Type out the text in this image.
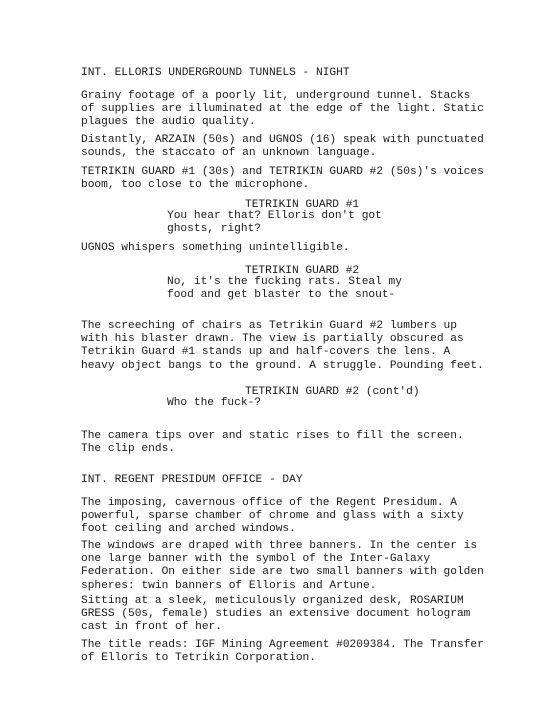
INT. ELLORIS UNDERGROUND TUNNELS - NIGHT

Grainy footage of a poorly lit, underground tunnel. Stacks
of supplies are illuminated at the edge of the light. Static
plagues the audio quality.

Distantly, ARZAIN (50s) and UGNOS (16) speak with punctuated
sounds, the staccato of an unknown language.

TETRIKIN GUARD #1 (30s) and TETRIKIN GUARD #2 (50s)'s voices
boom, too close to the microphone.

TETRIKIN GUARD #1

You hear that? Elloris don't got
ghosts, right?

UGNOS whispers something unintelligible.

TETRIKIN GUARD #2

No, it's the fucking rats. Steal my
food and get blaster to the snout-

The screeching of chairs as Tetrikin Guard #2 lumbers up
with his blaster drawn. The view is partially obscured as
Tetrikin Guard #1 stands up and half-covers the lens. A
heavy object bangs to the ground. A struggle. Pounding feet.

TETRIKIN GUARD #2 (cont'd)

Who the fuck-?

The camera tips over and static rises to fill the screen.
The clip ends.

INT. REGENT PRESIDUM OFFICE - DAY

The imposing, cavernous office of the Regent Presidum. A
powerful, sparse chamber of chrome and glass with a sixty
foot ceiling and arched windows.

The windows are draped with three banners. In the center is
one large banner with the symbol of the Inter-Galaxy
Federation. On either side are two small banners with golden
spheres: twin banners of Elloris and Artune.

Sitting at a sleek, meticulously organized desk, ROSARIUM
GRESS (50s, female) studies an extensive document hologram
cast in front of her.

The title reads: IGF Mining Agreement #0209384. The Transfer
of Elloris to Tetrikin Corporation.
